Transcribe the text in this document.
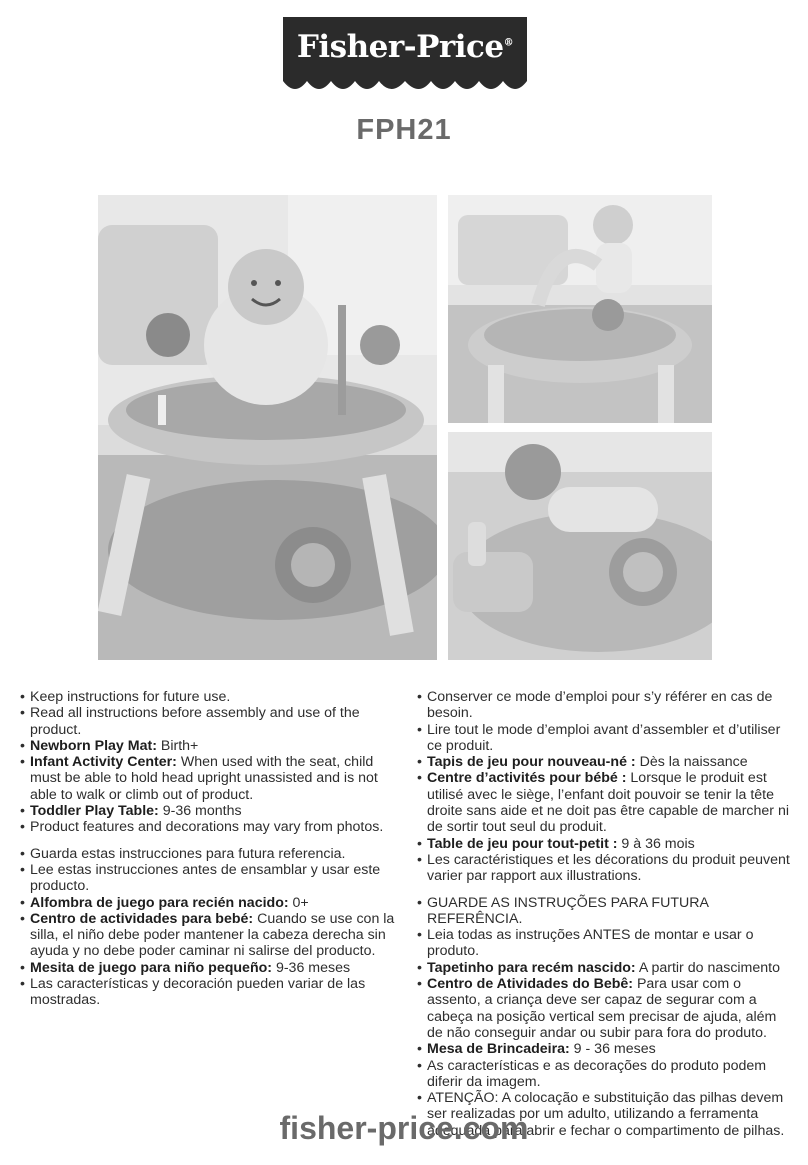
Fisher-Price®
FPH21
• Keep instructions for future use.
• Read all instructions before assembly and use of the product.
• Newborn Play Mat: Birth+
• Infant Activity Center: When used with the seat, child must be able to hold head upright unassisted and is not able to walk or climb out of product.
• Toddler Play Table: 9-36 months
• Product features and decorations may vary from photos.
• Guarda estas instrucciones para futura referencia.
• Lee estas instrucciones antes de ensamblar y usar este producto.
• Alfombra de juego para recién nacido: 0+
• Centro de actividades para bebé: Cuando se use con la silla, el niño debe poder mantener la cabeza derecha sin ayuda y no debe poder caminar ni salirse del producto.
• Mesita de juego para niño pequeño: 9-36 meses
• Las características y decoración pueden variar de las mostradas.
• Conserver ce mode d’emploi pour s’y référer en cas de besoin.
• Lire tout le mode d’emploi avant d’assembler et d’utiliser ce produit.
• Tapis de jeu pour nouveau-né : Dès la naissance
• Centre d’activités pour bébé : Lorsque le produit est utilisé avec le siège, l’enfant doit pouvoir se tenir la tête droite sans aide et ne doit pas être capable de marcher ni de sortir tout seul du produit.
• Table de jeu pour tout-petit : 9 à 36 mois
• Les caractéristiques et les décorations du produit peuvent varier par rapport aux illustrations.
• GUARDE AS INSTRUÇÕES PARA FUTURA REFERÊNCIA.
• Leia todas as instruções ANTES de montar e usar o produto.
• Tapetinho para recém nascido: A partir do nascimento
• Centro de Atividades do Bebê: Para usar com o assento, a criança deve ser capaz de segurar com a cabeça na posição vertical sem precisar de ajuda, além de não conseguir andar ou subir para fora do produto.
• Mesa de Brincadeira: 9 - 36 meses
• As características e as decorações do produto podem diferir da imagem.
• ATENÇÃO: A colocação e substituição das pilhas devem ser realizadas por um adulto, utilizando a ferramenta adequada para abrir e fechar o compartimento de pilhas.
fisher-price.com
